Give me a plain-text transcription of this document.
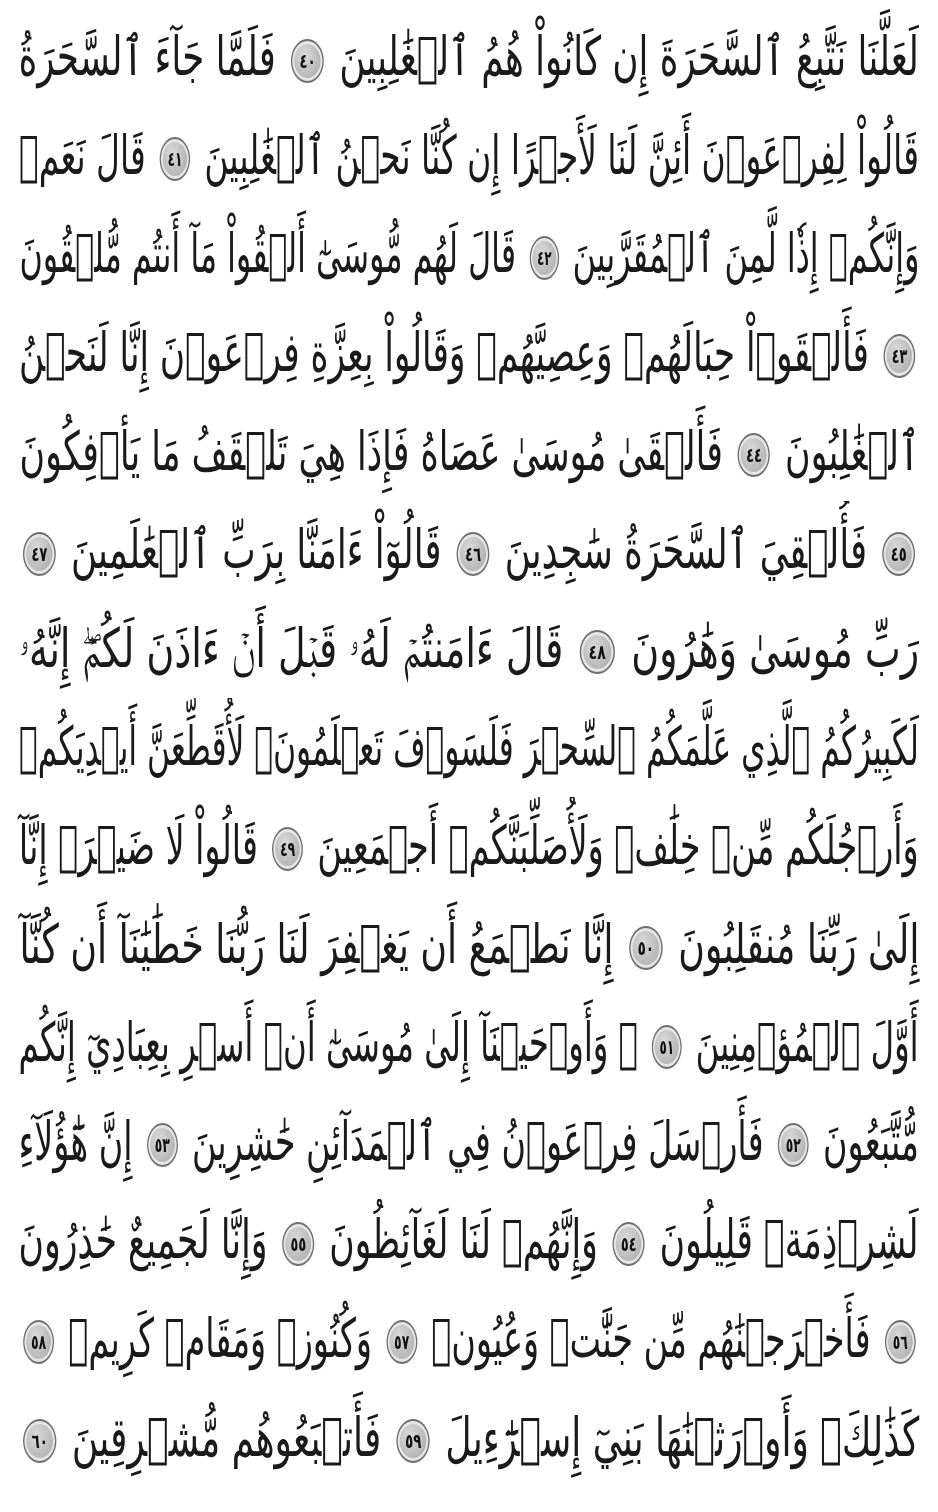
لَعَلَّنَا نَتَّبِعُ ٱلسَّحَرَةَ إِن كَانُواْ هُمُ ٱلۡغَٰلِبِينَ ٤٠ فَلَمَّا جَآءَ ٱلسَّحَرَةُ
قَالُواْ لِفِرۡعَوۡنَ أَئِنَّ لَنَا لَأَجۡرًا إِن كُنَّا نَحۡنُ ٱلۡغَٰلِبِينَ ٤١ قَالَ نَعَمۡ
وَإِنَّكُمۡ إِذٗا لَّمِنَ ٱلۡمُقَرَّبِينَ ٤٢ قَالَ لَهُم مُّوسَىٰٓ أَلۡقُواْ مَآ أَنتُم مُّلۡقُونَ
٤٣ فَأَلۡقَوۡاْ حِبَالَهُمۡ وَعِصِيَّهُمۡ وَقَالُواْ بِعِزَّةِ فِرۡعَوۡنَ إِنَّا لَنَحۡنُ
ٱلۡغَٰلِبُونَ ٤٤ فَأَلۡقَىٰ مُوسَىٰ عَصَاهُ فَإِذَا هِيَ تَلۡقَفُ مَا يَأۡفِكُونَ
٤٥ فَأُلۡقِيَ ٱلسَّحَرَةُ سَٰجِدِينَ ٤٦ قَالُوٓاْ ءَامَنَّا بِرَبِّ ٱلۡعَٰلَمِينَ ٤٧
رَبِّ مُوسَىٰ وَهَٰرُونَ ٤٨ قَالَ ءَامَنتُمۡ لَهُۥ قَبۡلَ أَنۡ ءَاذَنَ لَكُمۡۖ إِنَّهُۥ
لَكَبِيرُكُمُ ٱلَّذِي عَلَّمَكُمُ ٱلسِّحۡرَ فَلَسَوۡفَ تَعۡلَمُونَۚ لَأُقَطِّعَنَّ أَيۡدِيَكُمۡ
وَأَرۡجُلَكُم مِّنۡ خِلَٰفٖ وَلَأُصَلِّبَنَّكُمۡ أَجۡمَعِينَ ٤٩ قَالُواْ لَا ضَيۡرَۖ إِنَّآ
إِلَىٰ رَبِّنَا مُنقَلِبُونَ ٥٠ إِنَّا نَطۡمَعُ أَن يَغۡفِرَ لَنَا رَبُّنَا خَطَٰيَٰنَآ أَن كُنَّآ
أَوَّلَ ٱلۡمُؤۡمِنِينَ ٥١ ۞ وَأَوۡحَيۡنَآ إِلَىٰ مُوسَىٰٓ أَنۡ أَسۡرِ بِعِبَادِيٓ إِنَّكُم
مُّتَّبَعُونَ ٥٢ فَأَرۡسَلَ فِرۡعَوۡنُ فِي ٱلۡمَدَآئِنِ حَٰشِرِينَ ٥٣ إِنَّ هَٰٓؤُلَآءِ
لَشِرۡذِمَةٞ قَلِيلُونَ ٥٤ وَإِنَّهُمۡ لَنَا لَغَآئِظُونَ ٥٥ وَإِنَّا لَجَمِيعٌ حَٰذِرُونَ
٥٦ فَأَخۡرَجۡنَٰهُم مِّن جَنَّٰتٖ وَعُيُونٖ ٥٧ وَكُنُوزٖ وَمَقَامٖ كَرِيمٖ ٥٨
كَذَٰلِكَۖ وَأَوۡرَثۡنَٰهَا بَنِيٓ إِسۡرَٰٓءِيلَ ٥٩ فَأَتۡبَعُوهُم مُّشۡرِقِينَ ٦٠
